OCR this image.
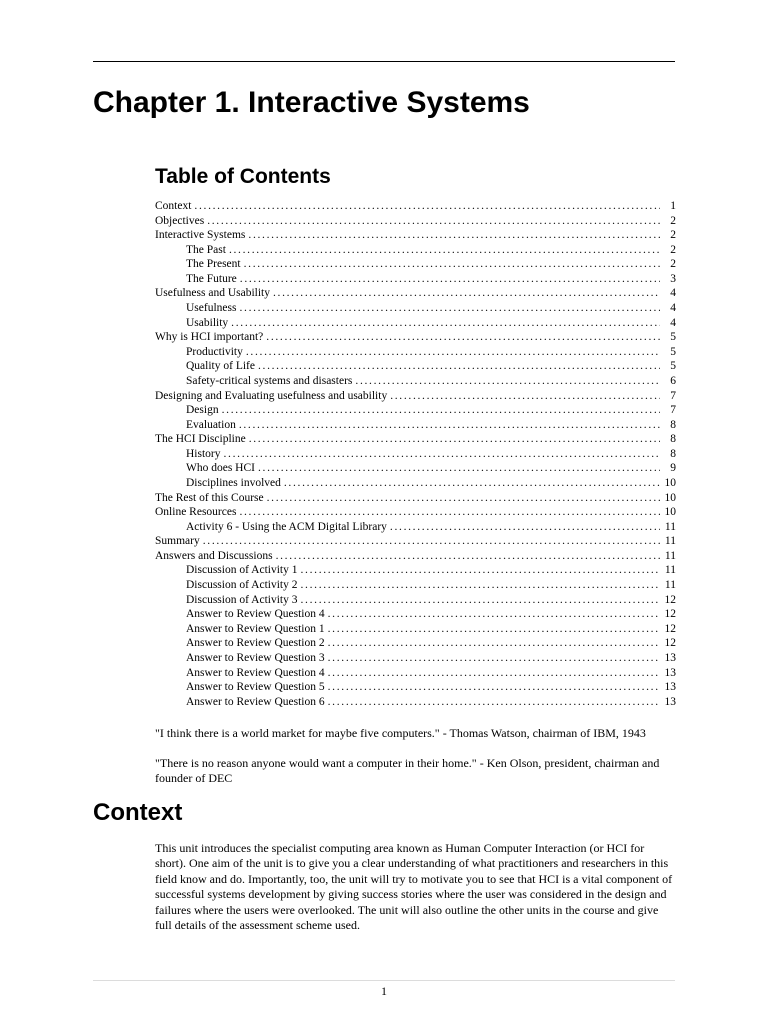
Chapter 1. Interactive Systems
Table of Contents
Context . . .	1
Objectives . . .	2
Interactive Systems . . .	2
The Past . . .	2
The Present . . .	2
The Future . . .	3
Usefulness and Usability . . .	4
Usefulness . . .	4
Usability . . .	4
Why is HCI important? . . .	5
Productivity . . .	5
Quality of Life . . .	5
Safety-critical systems and disasters . . .	6
Designing and Evaluating usefulness and usability . . .	7
Design . . .	7
Evaluation . . .	8
The HCI Discipline . . .	8
History . . .	8
Who does HCI . . .	9
Disciplines involved . . .	10
The Rest of this Course . . .	10
Online Resources . . .	10
Activity 6 - Using the ACM Digital Library . . .	11
Summary . . .	11
Answers and Discussions . . .	11
Discussion of Activity 1 . . .	11
Discussion of Activity 2 . . .	11
Discussion of Activity 3 . . .	12
Answer to Review Question 4 . . .	12
Answer to Review Question 1 . . .	12
Answer to Review Question 2 . . .	12
Answer to Review Question 3 . . .	13
Answer to Review Question 4 . . .	13
Answer to Review Question 5 . . .	13
Answer to Review Question 6 . . .	13

"I think there is a world market for maybe five computers." - Thomas Watson, chairman of IBM, 1943

"There is no reason anyone would want a computer in their home." - Ken Olson, president, chairman and founder of DEC

Context

This unit introduces the specialist computing area known as Human Computer Interaction (or HCI for short). One aim of the unit is to give you a clear understanding of what practitioners and researchers in this field know and do. Importantly, too, the unit will try to motivate you to see that HCI is a vital component of successful systems development by giving success stories where the user was considered in the design and failures where the users were overlooked. The unit will also outline the other units in the course and give full details of the assessment scheme used.

1
